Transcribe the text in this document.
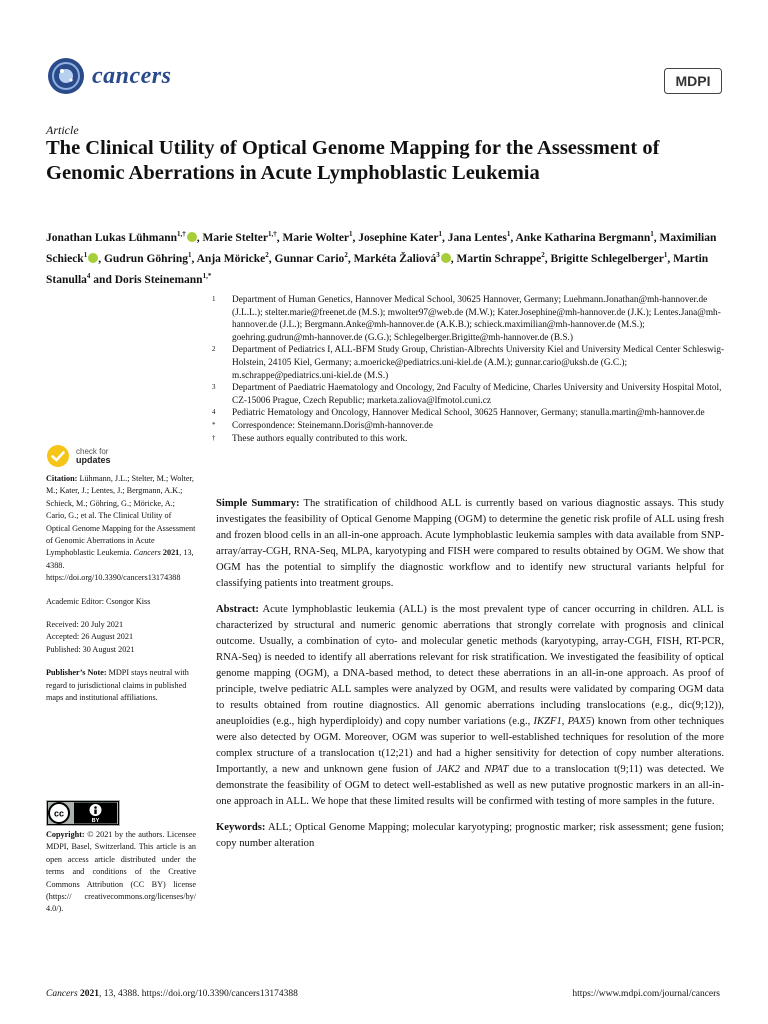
cancers	MDPI
Article
The Clinical Utility of Optical Genome Mapping for the Assessment of Genomic Aberrations in Acute Lymphoblastic Leukemia
Jonathan Lukas Lühmann$^{1,\dagger}$ , Marie Stelter$^{1,\dagger}$, Marie Wolter$^1$, Josephine Kater$^1$, Jana Lentes$^1$, Anke Katharina Bergmann$^1$, Maximilian Schieck$^1$ , Gudrun Göhring$^1$, Anja Möricke$^2$, Gunnar Cario$^2$, Markéta Žaliová$^3$ , Martin Schrappe$^2$, Brigitte Schlegelberger$^1$, Martin Stanulla$^4$ and Doris Steinemann$^{1,*}$
1	Department of Human Genetics, Hannover Medical School, 30625 Hannover, Germany; Luehmann.Jonathan@mh-hannover.de (J.L.L.); stelter.marie@freenet.de (M.S.); mwolter97@web.de (M.W.); Kater.Josephine@mh-hannover.de (J.K.); Lentes.Jana@mh-hannover.de (J.L.); Bergmann.Anke@mh-hannover.de (A.K.B.); schieck.maximilian@mh-hannover.de (M.S.); goehring.gudrun@mh-hannover.de (G.G.); Schlegelberger.Brigitte@mh-hannover.de (B.S.)
2	Department of Pediatrics I, ALL-BFM Study Group, Christian-Albrechts University Kiel and University Medical Center Schleswig-Holstein, 24105 Kiel, Germany; a.moericke@pediatrics.uni-kiel.de (A.M.); gunnar.cario@uksh.de (G.C.); m.schrappe@pediatrics.uni-kiel.de (M.S.)
3	Department of Paediatric Haematology and Oncology, 2nd Faculty of Medicine, Charles University and University Hospital Motol, CZ-15006 Prague, Czech Republic; marketa.zaliova@lfmotol.cuni.cz
4	Pediatric Hematology and Oncology, Hannover Medical School, 30625 Hannover, Germany; stanulla.martin@mh-hannover.de
*	Correspondence: Steinemann.Doris@mh-hannover.de
†	These authors equally contributed to this work.
check for
updates

Citation: Lühmann, J.L.; Stelter, M.; Wolter, M.; Kater, J.; Lentes, J.; Bergmann, A.K.; Schieck, M.; Göhring, G.; Möricke, A.; Cario, G.; et al. The Clinical Utility of Optical Genome Mapping for the Assessment of Genomic Aberrations in Acute Lymphoblastic Leukemia. Cancers 2021, 13, 4388. https://doi.org/10.3390/cancers13174388

Academic Editor: Csongor Kiss

Received: 20 July 2021

Accepted: 26 August 2021

Published: 30 August 2021

Publisher’s Note: MDPI stays neutral with regard to jurisdictional claims in published maps and institutional affiliations.

cc
BY
Copyright: © 2021 by the authors. Licensee MDPI, Basel, Switzerland. This article is an open access article distributed under the terms and conditions of the Creative Commons Attribution (CC BY) license (https:// creativecommons.org/licenses/by/ 4.0/).

Simple Summary: The stratification of childhood ALL is currently based on various diagnostic assays. This study investigates the feasibility of Optical Genome Mapping (OGM) to determine the genetic risk profile of ALL using fresh and frozen blood cells in an all-in-one approach. Acute lymphoblastic leukemia samples with data available from SNP-array/array-CGH, RNA-Seq, MLPA, karyotyping and FISH were compared to results obtained by OGM. We show that OGM has the potential to simplify the diagnostic workflow and to identify new structural variants helpful for classifying patients into treatment groups.

Abstract: Acute lymphoblastic leukemia (ALL) is the most prevalent type of cancer occurring in children. ALL is characterized by structural and numeric genomic aberrations that strongly correlate with prognosis and clinical outcome. Usually, a combination of cyto- and molecular genetic methods (karyotyping, array-CGH, FISH, RT-PCR, RNA-Seq) is needed to identify all aberrations relevant for risk stratification. We investigated the feasibility of optical genome mapping (OGM), a DNA-based method, to detect these aberrations in an all-in-one approach. As proof of principle, twelve pediatric ALL samples were analyzed by OGM, and results were validated by comparing OGM data to results obtained from routine diagnostics. All genomic aberrations including translocations (e.g., dic(9;12)), aneuploidies (e.g., high hyperdiploidy) and copy number variations (e.g., IKZF1, PAX5) known from other techniques were also detected by OGM. Moreover, OGM was superior to well-established techniques for resolution of the more complex structure of a translocation t(12;21) and had a higher sensitivity for detection of copy number alterations. Importantly, a new and unknown gene fusion of JAK2 and NPAT due to a translocation t(9;11) was detected. We demonstrate the feasibility of OGM to detect well-established as well as new putative prognostic markers in an all-in-one approach in ALL. We hope that these limited results will be confirmed with testing of more samples in the future.

Keywords: ALL; Optical Genome Mapping; molecular karyotyping; prognostic marker; risk assessment; gene fusion; copy number alteration

Cancers 2021, 13, 4388. https://doi.org/10.3390/cancers13174388	https://www.mdpi.com/journal/cancers
